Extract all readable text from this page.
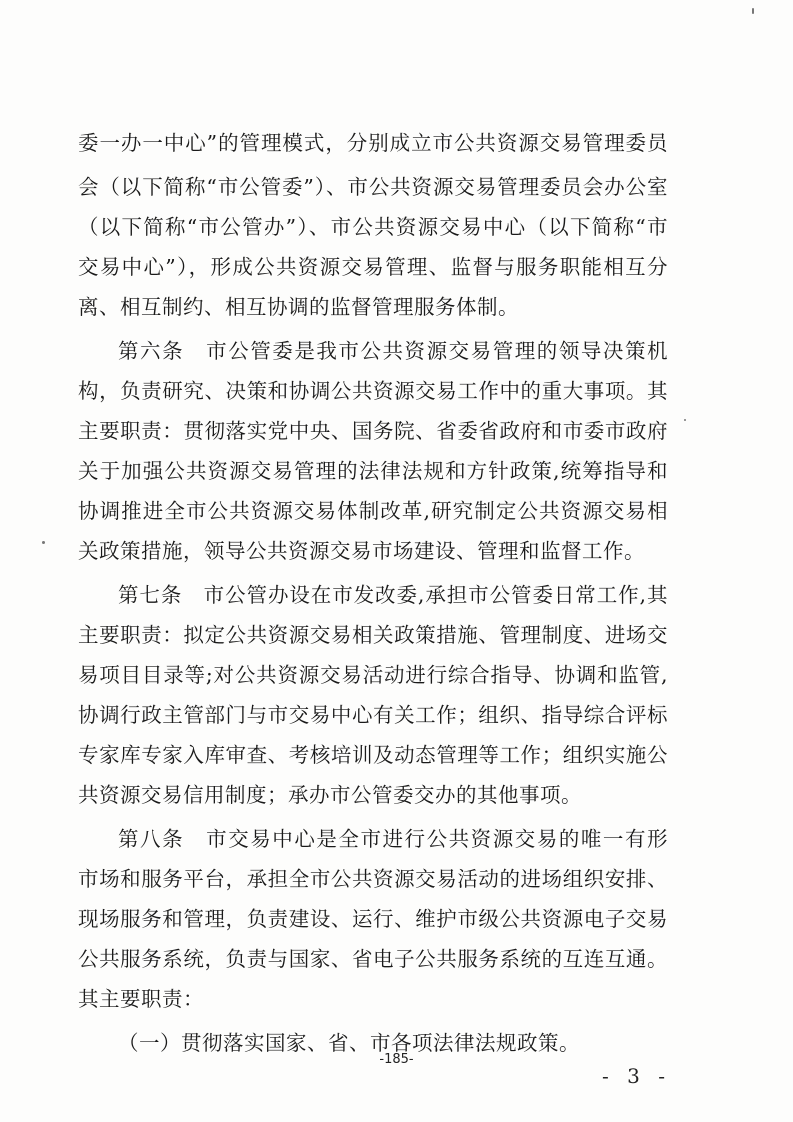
委一办一中心”的管理模式，分别成立市公共资源交易管理委员
会（以下简称“市公管委”）、市公共资源交易管理委员会办公室
（以下简称“市公管办”）、市公共资源交易中心（以下简称“市
交易中心”），形成公共资源交易管理、监督与服务职能相互分
离、相互制约、相互协调的监督管理服务体制。
第六条　市公管委是我市公共资源交易管理的领导决策机
构，负责研究、决策和协调公共资源交易工作中的重大事项。其
主要职责：贯彻落实党中央、国务院、省委省政府和市委市政府
关于加强公共资源交易管理的法律法规和方针政策,统筹指导和
协调推进全市公共资源交易体制改革,研究制定公共资源交易相
关政策措施，领导公共资源交易市场建设、管理和监督工作。
第七条　市公管办设在市发改委,承担市公管委日常工作,其
主要职责：拟定公共资源交易相关政策措施、管理制度、进场交
易项目目录等;对公共资源交易活动进行综合指导、协调和监管,
协调行政主管部门与市交易中心有关工作；组织、指导综合评标
专家库专家入库审查、考核培训及动态管理等工作；组织实施公
共资源交易信用制度；承办市公管委交办的其他事项。
第八条　市交易中心是全市进行公共资源交易的唯一有形
市场和服务平台，承担全市公共资源交易活动的进场组织安排、
现场服务和管理，负责建设、运行、维护市级公共资源电子交易
公共服务系统，负责与国家、省电子公共服务系统的互连互通。
其主要职责：
（一）贯彻落实国家、省、市各项法律法规政策。
-185-
- 3 -
